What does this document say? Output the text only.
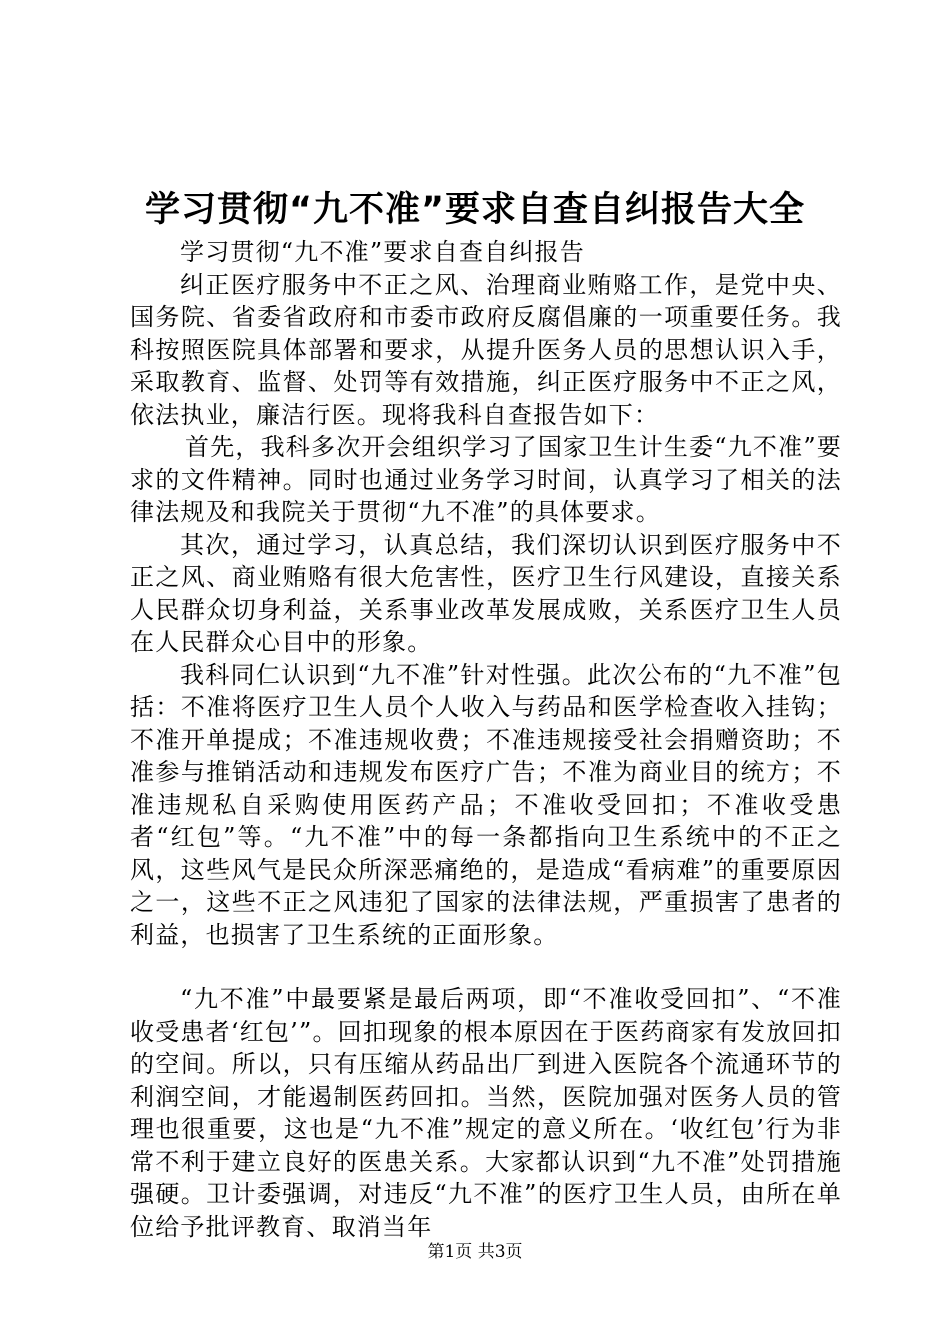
学习贯彻“九不准”要求自查自纠报告大全

学习贯彻“九不准”要求自查自纠报告

纠正医疗服务中不正之风、治理商业贿赂工作，是党中央、国务院、省委省政府和市委市政府反腐倡廉的一项重要任务。我科按照医院具体部署和要求，从提升医务人员的思想认识入手，采取教育、监督、处罚等有效措施，纠正医疗服务中不正之风，依法执业，廉洁行医。现将我科自查报告如下：

首先，我科多次开会组织学习了国家卫生计生委“九不准”要求的文件精神。同时也通过业务学习时间，认真学习了相关的法律法规及和我院关于贯彻“九不准”的具体要求。

其次，通过学习，认真总结，我们深切认识到医疗服务中不正之风、商业贿赂有很大危害性，医疗卫生行风建设，直接关系人民群众切身利益，关系事业改革发展成败，关系医疗卫生人员在人民群众心目中的形象。

我科同仁认识到“九不准”针对性强。此次公布的“九不准”包括：不准将医疗卫生人员个人收入与药品和医学检查收入挂钩；不准开单提成；不准违规收费；不准违规接受社会捐赠资助；不准参与推销活动和违规发布医疗广告；不准为商业目的统方；不准违规私自采购使用医药产品；不准收受回扣；不准收受患者“红包”等。“九不准”中的每一条都指向卫生系统中的不正之风，这些风气是民众所深恶痛绝的，是造成“看病难”的重要原因之一，这些不正之风违犯了国家的法律法规，严重损害了患者的利益，也损害了卫生系统的正面形象。

“九不准”中最要紧是最后两项，即“不准收受回扣”、“不准收受患者‘红包’”。回扣现象的根本原因在于医药商家有发放回扣的空间。所以，只有压缩从药品出厂到进入医院各个流通环节的利润空间，才能遏制医药回扣。当然，医院加强对医务人员的管理也很重要，这也是“九不准”规定的意义所在。‘收红包’行为非常不利于建立良好的医患关系。大家都认识到“九不准”处罚措施强硬。卫计委强调，对违反“九不准”的医疗卫生人员，由所在单位给予批评教育、取消当年

第1页 共3页
